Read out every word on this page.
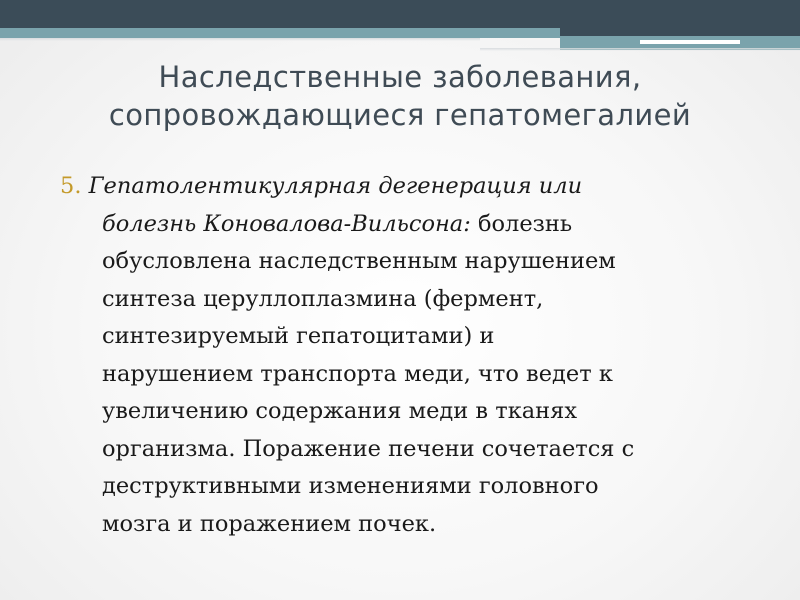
Наследственные заболевания,
сопровождающиеся гепатомегалией
5. Гепатолентикулярная дегенерация или
болезнь Коновалова-Вильсона: болезнь
обусловлена наследственным нарушением
синтеза церуллоплазмина (фермент,
синтезируемый гепатоцитами) и
нарушением транспорта меди, что ведет к
увеличению содержания меди в тканях
организма. Поражение печени сочетается с
деструктивными изменениями головного
мозга и поражением почек.
